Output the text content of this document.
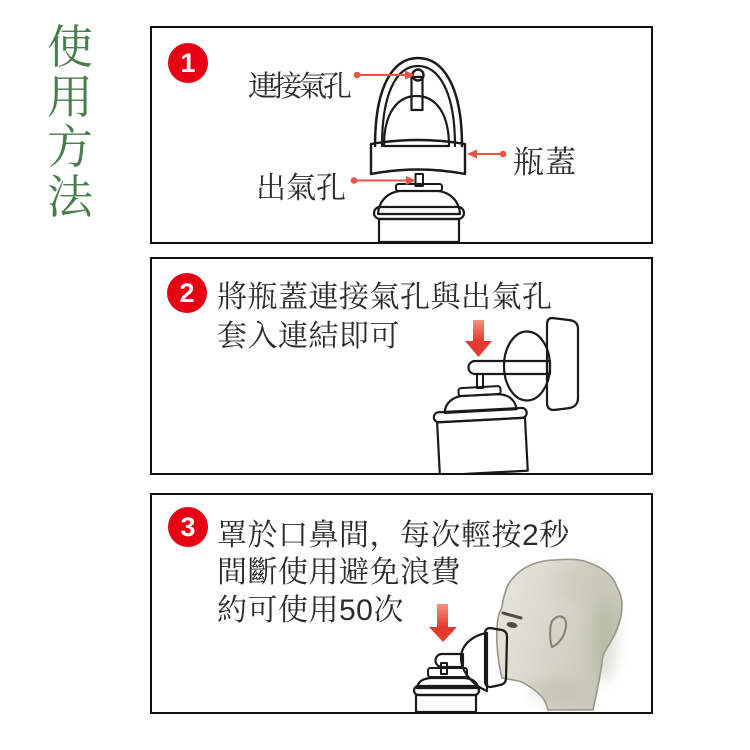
使
用
方
法
1
連接氣孔
瓶蓋
出氣孔
2 將瓶蓋連接氣孔與出氣孔
套入連結即可
3 罩於口鼻間，每次輕按2秒
間斷使用避免浪費
約可使用50次
